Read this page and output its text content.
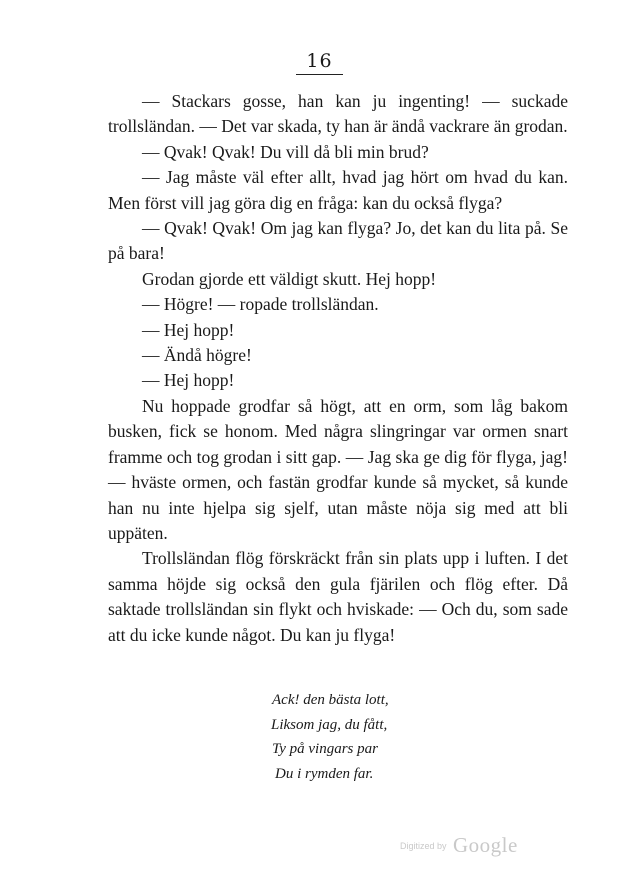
16

— Stackars gosse, han kan ju ingenting! — suckade trollsländan. — Det var skada, ty han är ändå vackrare än grodan.

— Qvak! Qvak! Du vill då bli min brud?

— Jag måste väl efter allt, hvad jag hört om hvad du kan. Men först vill jag göra dig en fråga: kan du också flyga?

— Qvak! Qvak! Om jag kan flyga? Jo, det kan du lita på. Se på bara!

Grodan gjorde ett väldigt skutt. Hej hopp!

— Högre! — ropade trollsländan.

— Hej hopp!

— Ändå högre!

— Hej hopp!

Nu hoppade grodfar så högt, att en orm, som låg bakom busken, fick se honom. Med några slingringar var ormen snart framme och tog grodan i sitt gap. — Jag ska ge dig för flyga, jag! — hväste ormen, och fastän grodfar kunde så mycket, så kunde han nu inte hjelpa sig sjelf, utan måste nöja sig med att bli uppäten.

Trollsländan flög förskräckt från sin plats upp i luften. I det samma höjde sig också den gula fjärilen och flög efter. Då saktade trollsländan sin flykt och hviskade: — Och du, som sade att du icke kunde något. Du kan ju flyga!

Ack! den bästa lott,
Liksom jag, du fått,
Ty på vingars par
Du i rymden far.
Digitized by Google
